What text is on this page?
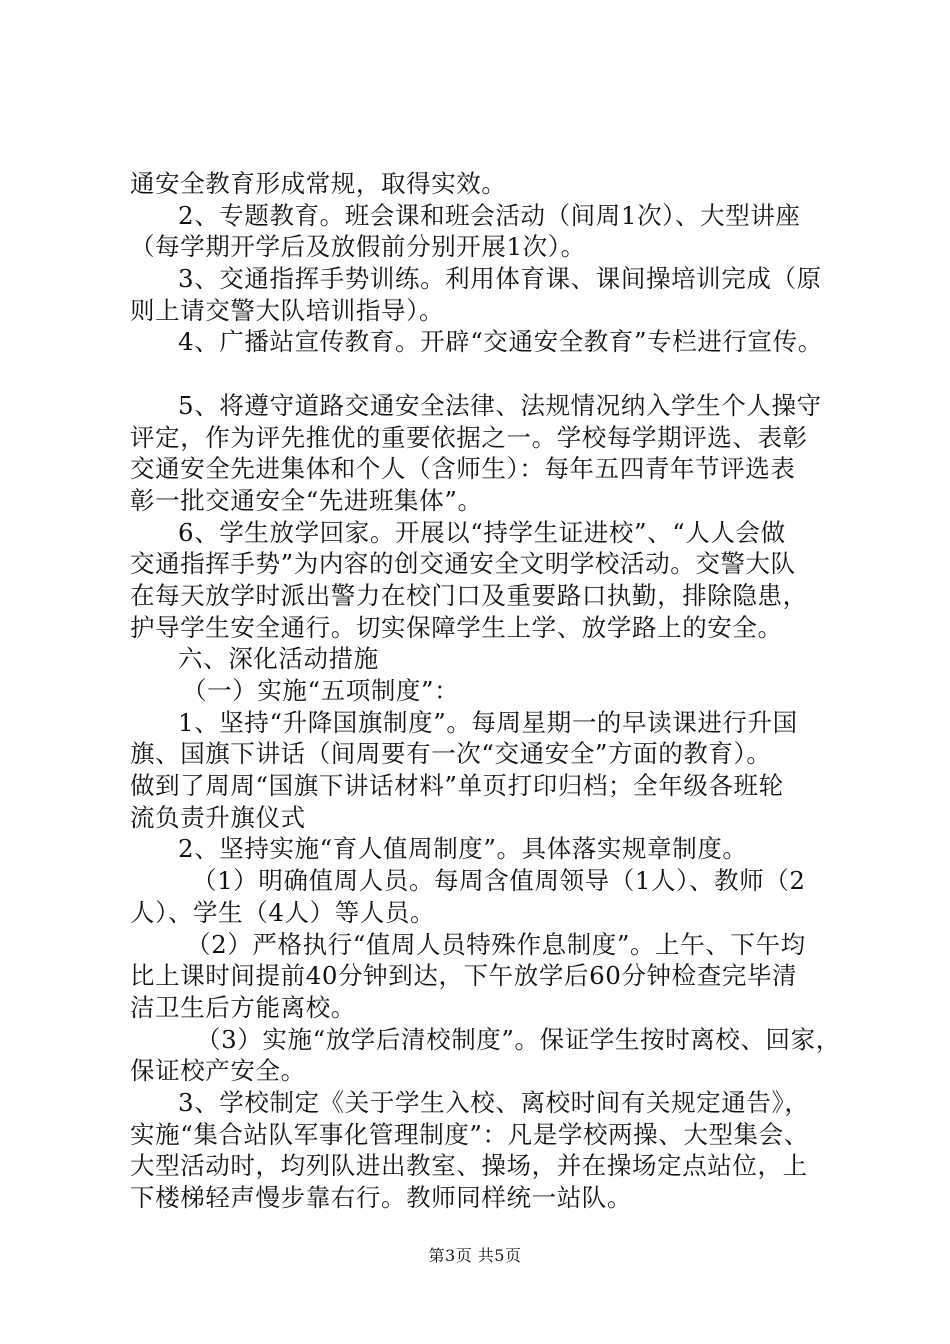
通安全教育形成常规，取得实效。
2、专题教育。班会课和班会活动（间周1次）、大型讲座
（每学期开学后及放假前分别开展1次）。
3、交通指挥手势训练。利用体育课、课间操培训完成（原
则上请交警大队培训指导）。
4、广播站宣传教育。开辟“交通安全教育”专栏进行宣传。
5、将遵守道路交通安全法律、法规情况纳入学生个人操守
评定，作为评先推优的重要依据之一。学校每学期评选、表彰
交通安全先进集体和个人（含师生）：每年五四青年节评选表
彰一批交通安全“先进班集体”。
6、学生放学回家。开展以“持学生证进校”、“人人会做
交通指挥手势”为内容的创交通安全文明学校活动。交警大队
在每天放学时派出警力在校门口及重要路口执勤，排除隐患，
护导学生安全通行。切实保障学生上学、放学路上的安全。
六、深化活动措施
（一）实施“五项制度”：
1、坚持“升降国旗制度”。每周星期一的早读课进行升国
旗、国旗下讲话（间周要有一次“交通安全”方面的教育）。
做到了周周“国旗下讲话材料”单页打印归档；全年级各班轮
流负责升旗仪式
2、坚持实施“育人值周制度”。具体落实规章制度。
（1）明确值周人员。每周含值周领导（1人）、教师（2
人）、学生（4人）等人员。
（2）严格执行“值周人员特殊作息制度”。上午、下午均
比上课时间提前40分钟到达，下午放学后60分钟检查完毕清
洁卫生后方能离校。
（3）实施“放学后清校制度”。保证学生按时离校、回家，
保证校产安全。
3、学校制定《关于学生入校、离校时间有关规定通告》，
实施“集合站队军事化管理制度”：凡是学校两操、大型集会、
大型活动时，均列队进出教室、操场，并在操场定点站位，上
下楼梯轻声慢步靠右行。教师同样统一站队。
第3页 共5页
